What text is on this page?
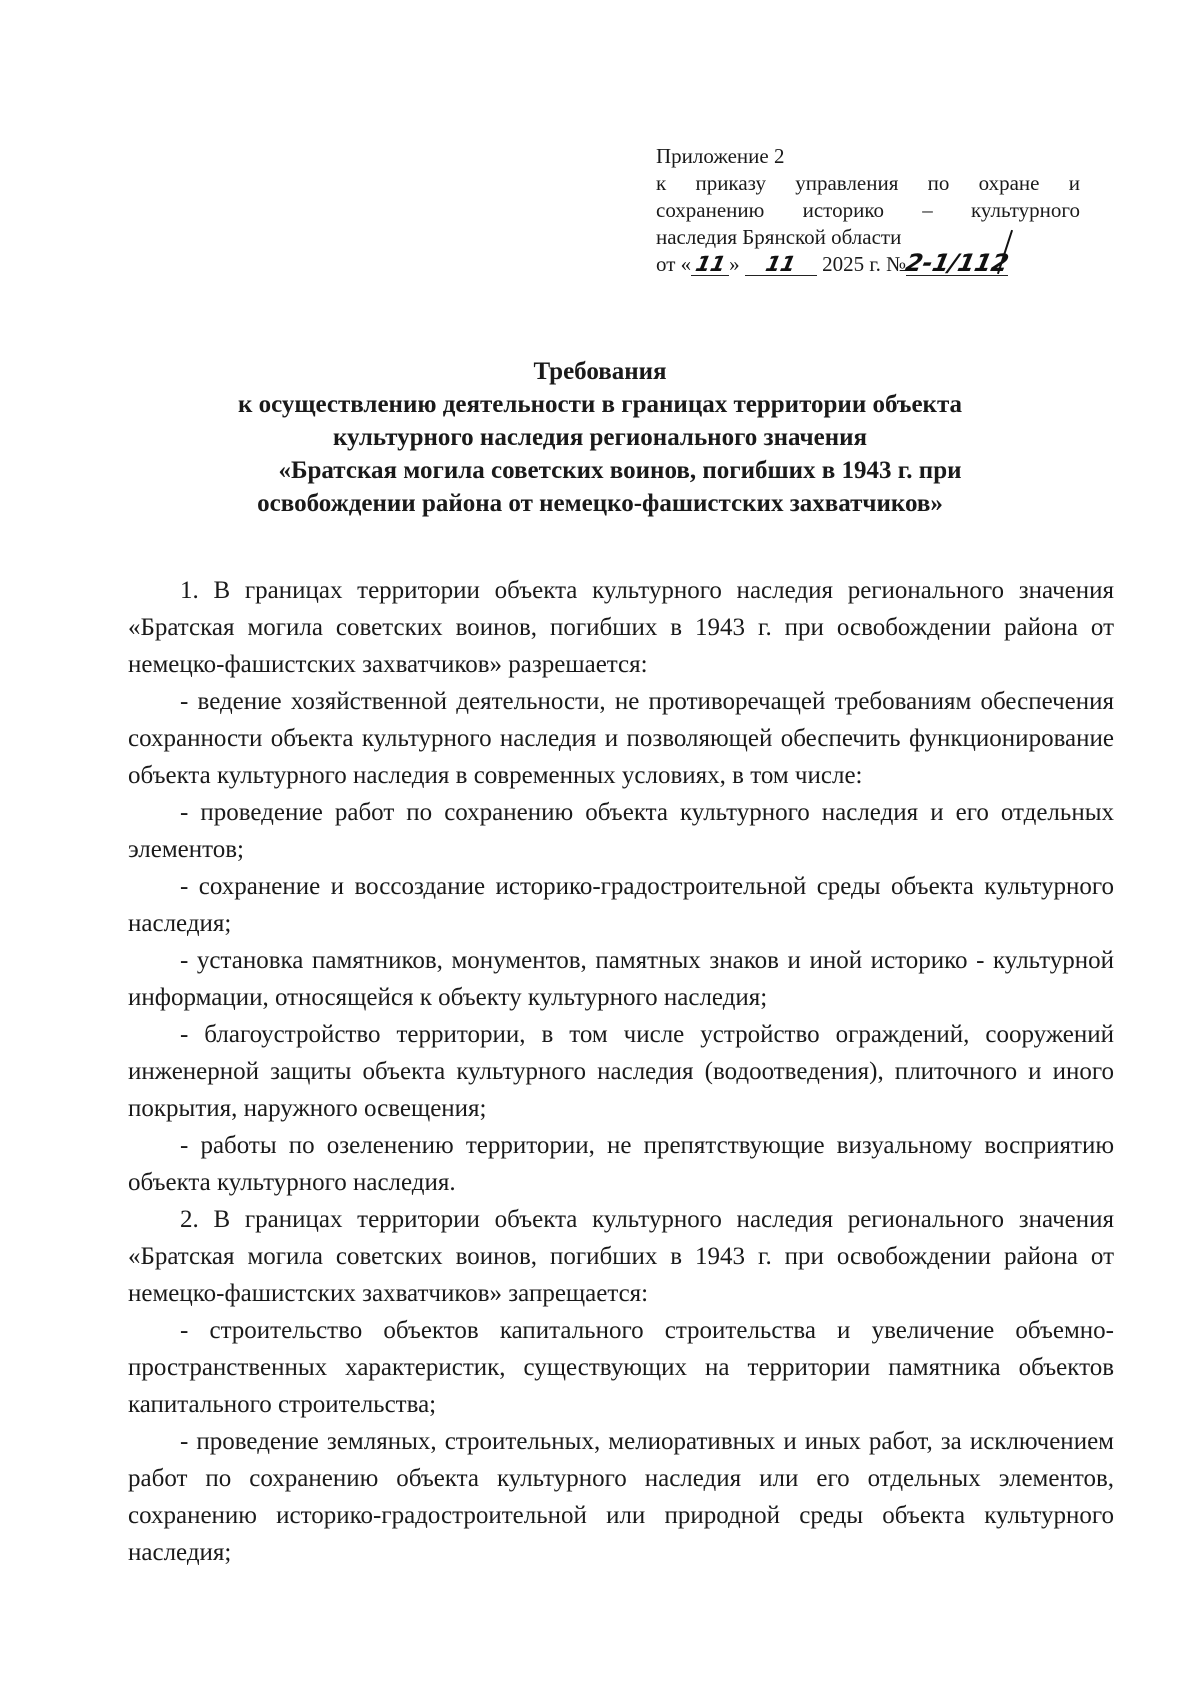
Приложение 2
к приказу управления по охране и
сохранению историко – культурного
наследия Брянской области
от «11» 11 2025 г. №2-1/112
Требования
к осуществлению деятельности в границах территории объекта
культурного наследия регионального значения
«Братская могила советских воинов, погибших в 1943 г. при
освобождении района от немецко-фашистских захватчиков»

1. В границах территории объекта культурного наследия регионального значения «Братская могила советских воинов, погибших в 1943 г. при освобождении района от немецко-фашистских захватчиков» разрешается:

- ведение хозяйственной деятельности, не противоречащей требованиям обеспечения сохранности объекта культурного наследия и позволяющей обеспечить функционирование объекта культурного наследия в современных условиях, в том числе:

- проведение работ по сохранению объекта культурного наследия и его отдельных элементов;

- сохранение и воссоздание историко-градостроительной среды объекта культурного наследия;

- установка памятников, монументов, памятных знаков и иной историко - культурной информации, относящейся к объекту культурного наследия;

- благоустройство территории, в том числе устройство ограждений, сооружений инженерной защиты объекта культурного наследия (водоотведения), плиточного и иного покрытия, наружного освещения;

- работы по озеленению территории, не препятствующие визуальному восприятию объекта культурного наследия.

2. В границах территории объекта культурного наследия регионального значения «Братская могила советских воинов, погибших в 1943 г. при освобождении района от немецко-фашистских захватчиков» запрещается:

- строительство объектов капитального строительства и увеличение объемно-пространственных характеристик, существующих на территории памятника объектов капитального строительства;

- проведение земляных, строительных, мелиоративных и иных работ, за исключением работ по сохранению объекта культурного наследия или его отдельных элементов, сохранению историко-градостроительной или природной среды объекта культурного наследия;
